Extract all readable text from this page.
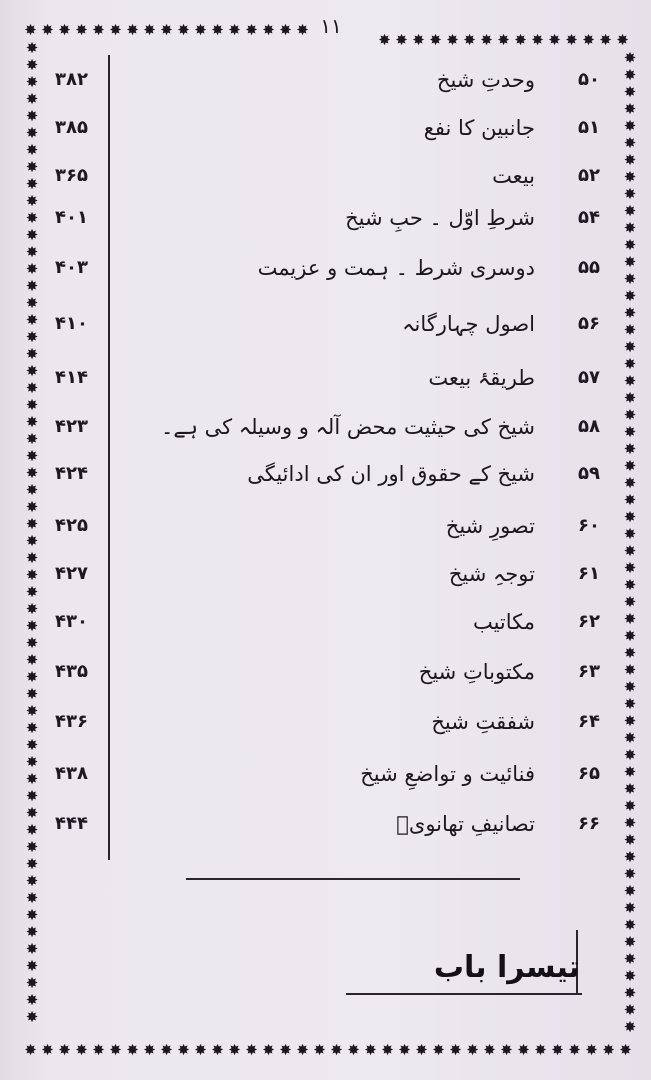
✸ ✸ ✸ ✸ ✸ ✸ ✸ ✸ ✸ ✸ ✸ ✸ ✸ ✸ ✸ ✸ ✸
✸ ✸ ✸ ✸ ✸ ✸ ✸ ✸ ✸ ✸ ✸ ✸ ✸ ✸ ✸
✸ ✸ ✸ ✸ ✸ ✸ ✸ ✸ ✸ ✸ ✸ ✸ ✸ ✸ ✸ ✸ ✸ ✸ ✸ ✸ ✸ ✸ ✸ ✸ ✸ ✸ ✸ ✸ ✸ ✸ ✸ ✸ ✸ ✸ ✸ ✸
✸
✸
✸
✸
✸
✸
✸
✸
✸
✸
✸
✸
✸
✸
✸
✸
✸
✸
✸
✸
✸
✸
✸
✸
✸
✸
✸
✸
✸
✸
✸
✸
✸
✸
✸
✸
✸
✸
✸
✸
✸
✸
✸
✸
✸
✸
✸
✸
✸
✸
✸
✸
✸
✸
✸
✸
✸
✸
✸
✸
✸
✸
✸
✸
✸
✸
✸
✸
✸
✸
✸
✸
✸
✸
✸
✸
✸
✸
✸
✸
✸
✸
✸
✸
✸
✸
✸
✸
✸
✸
✸
✸
✸
✸
✸
✸
✸
✸
✸
✸
✸
✸
✸
✸
✸
✸
✸
✸
✸
✸
✸
✸
✸
✸
✸
✸
١١
۳۸۲	وحدتِ شیخ	۵۰
۳۸۵	جانبین کا نفع	۵۱
۳۶۵	بیعت	۵۲
۴۰۱	شرطِ اوّل ۔ حبِ شیخ	۵۴
۴۰۳	دوسری شرط ۔ ہمت و عزیمت	۵۵
۴۱۰	اصول چہارگانہ	۵۶
۴۱۴	طریقۂ بیعت	۵۷
۴۲۳	شیخ کی حیثیت محض آلہ و وسیلہ کی ہے۔	۵۸
۴۲۴	شیخ کے حقوق اور ان کی ادائیگی	۵۹
۴۲۵	تصورِ شیخ	۶۰
۴۲۷	توجہِ شیخ	۶۱
۴۳۰	مکاتیب	۶۲
۴۳۵	مکتوباتِ شیخ	۶۳
۴۳۶	شفقتِ شیخ	۶۴
۴۳۸	فنائیت و تواضعِ شیخ	۶۵
۴۴۴	تصانیفِ تھانویؒ	۶۶
تیسرا باب
